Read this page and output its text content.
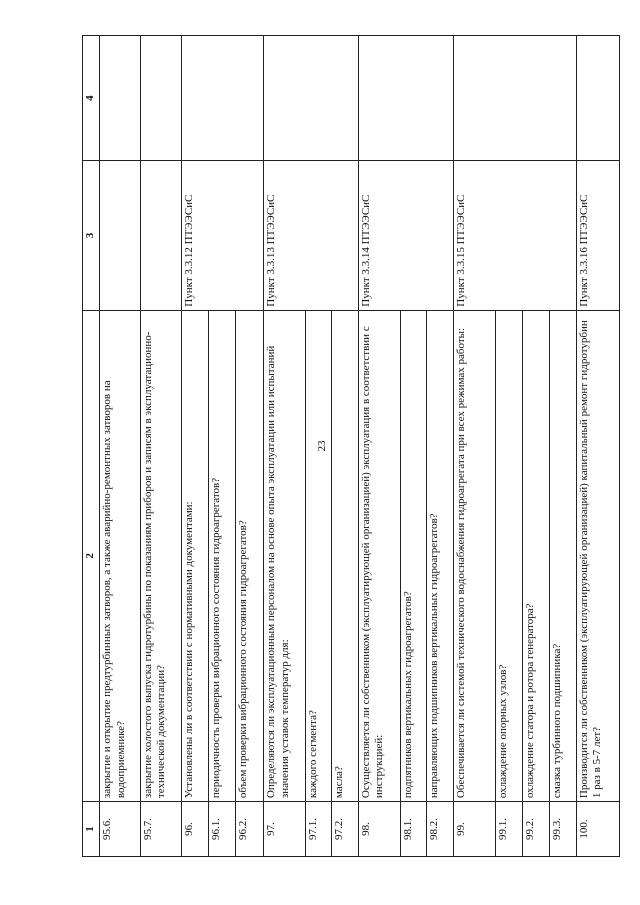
23
1	2	3	4
95.6.	закрытие и открытие предтурбинных затворов, а также аварийно-ремонтных затворов на водоприемнике?		
95.7.	закрытие холостого выпуска гидротурбины по показаниям приборов и записям в эксплуатационно-технической документации?		
96.	Установлены ли в соответствии с нормативными документами:	Пункт 3.3.12 ПТЭЭСиС	
96.1.	периодичность проверки вибрационного состояния гидроагрегатов?		
96.2.	объем проверки вибрационного состояния гидроагрегатов?		
97.	Определяются ли эксплуатационным персоналом на основе опыта эксплуатации или испытаний значения уставок температур для:	Пункт 3.3.13 ПТЭЭСиС	
97.1.	каждого сегмента?		
97.2.	масла?		
98.	Осуществляется ли собственником (эксплуатирующей организацией) эксплуатация в соответствии с инструкцией:	Пункт 3.3.14 ПТЭЭСиС	
98.1.	подпятников вертикальных гидроагрегатов?		
98.2.	направляющих подшипников вертикальных гидроагрегатов?		
99.	Обеспечивается ли системой технического водоснабжения гидроагрегата при всех режимах работы:	Пункт 3.3.15 ПТЭЭСиС	
99.1.	охлаждение опорных узлов?		
99.2.	охлаждение статора и ротора генератора?		
99.3.	смазка турбинного подшипника?		
100.	Производится ли собственником (эксплуатирующей организацией) капитальный ремонт гидротурбин 1 раз в 5-7 лет?	Пункт 3.3.16 ПТЭЭСиС	
